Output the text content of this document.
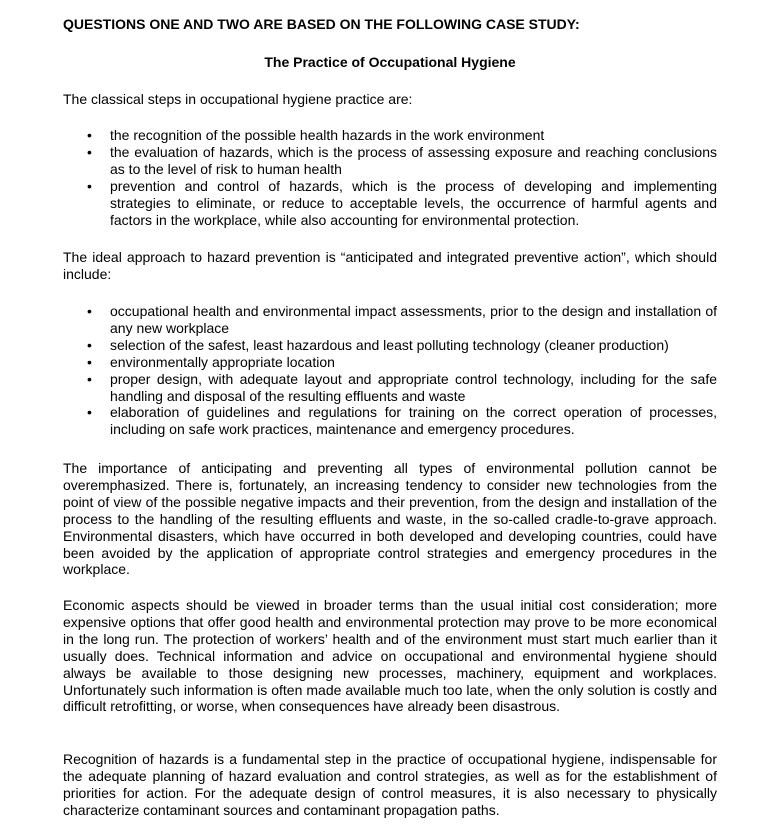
QUESTIONS ONE AND TWO ARE BASED ON THE FOLLOWING CASE STUDY:

The Practice of Occupational Hygiene

The classical steps in occupational hygiene practice are:

• the recognition of the possible health hazards in the work environment
• the evaluation of hazards, which is the process of assessing exposure and reaching conclusions as to the level of risk to human health
• prevention and control of hazards, which is the process of developing and implementing strategies to eliminate, or reduce to acceptable levels, the occurrence of harmful agents and factors in the workplace, while also accounting for environmental protection.

The ideal approach to hazard prevention is “anticipated and integrated preventive action”, which should include:

• occupational health and environmental impact assessments, prior to the design and installation of any new workplace
• selection of the safest, least hazardous and least polluting technology (cleaner production)
• environmentally appropriate location
• proper design, with adequate layout and appropriate control technology, including for the safe handling and disposal of the resulting effluents and waste
• elaboration of guidelines and regulations for training on the correct operation of processes, including on safe work practices, maintenance and emergency procedures.

The importance of anticipating and preventing all types of environmental pollution cannot be overemphasized. There is, fortunately, an increasing tendency to consider new technologies from the point of view of the possible negative impacts and their prevention, from the design and installation of the process to the handling of the resulting effluents and waste, in the so-called cradle-to-grave approach. Environmental disasters, which have occurred in both developed and developing countries, could have been avoided by the application of appropriate control strategies and emergency procedures in the workplace.

Economic aspects should be viewed in broader terms than the usual initial cost consideration; more expensive options that offer good health and environmental protection may prove to be more economical in the long run. The protection of workers’ health and of the environment must start much earlier than it usually does. Technical information and advice on occupational and environmental hygiene should always be available to those designing new processes, machinery, equipment and workplaces. Unfortunately such information is often made available much too late, when the only solution is costly and difficult retrofitting, or worse, when consequences have already been disastrous.

Recognition of hazards is a fundamental step in the practice of occupational hygiene, indispensable for the adequate planning of hazard evaluation and control strategies, as well as for the establishment of priorities for action. For the adequate design of control measures, it is also necessary to physically characterize contaminant sources and contaminant propagation paths.
